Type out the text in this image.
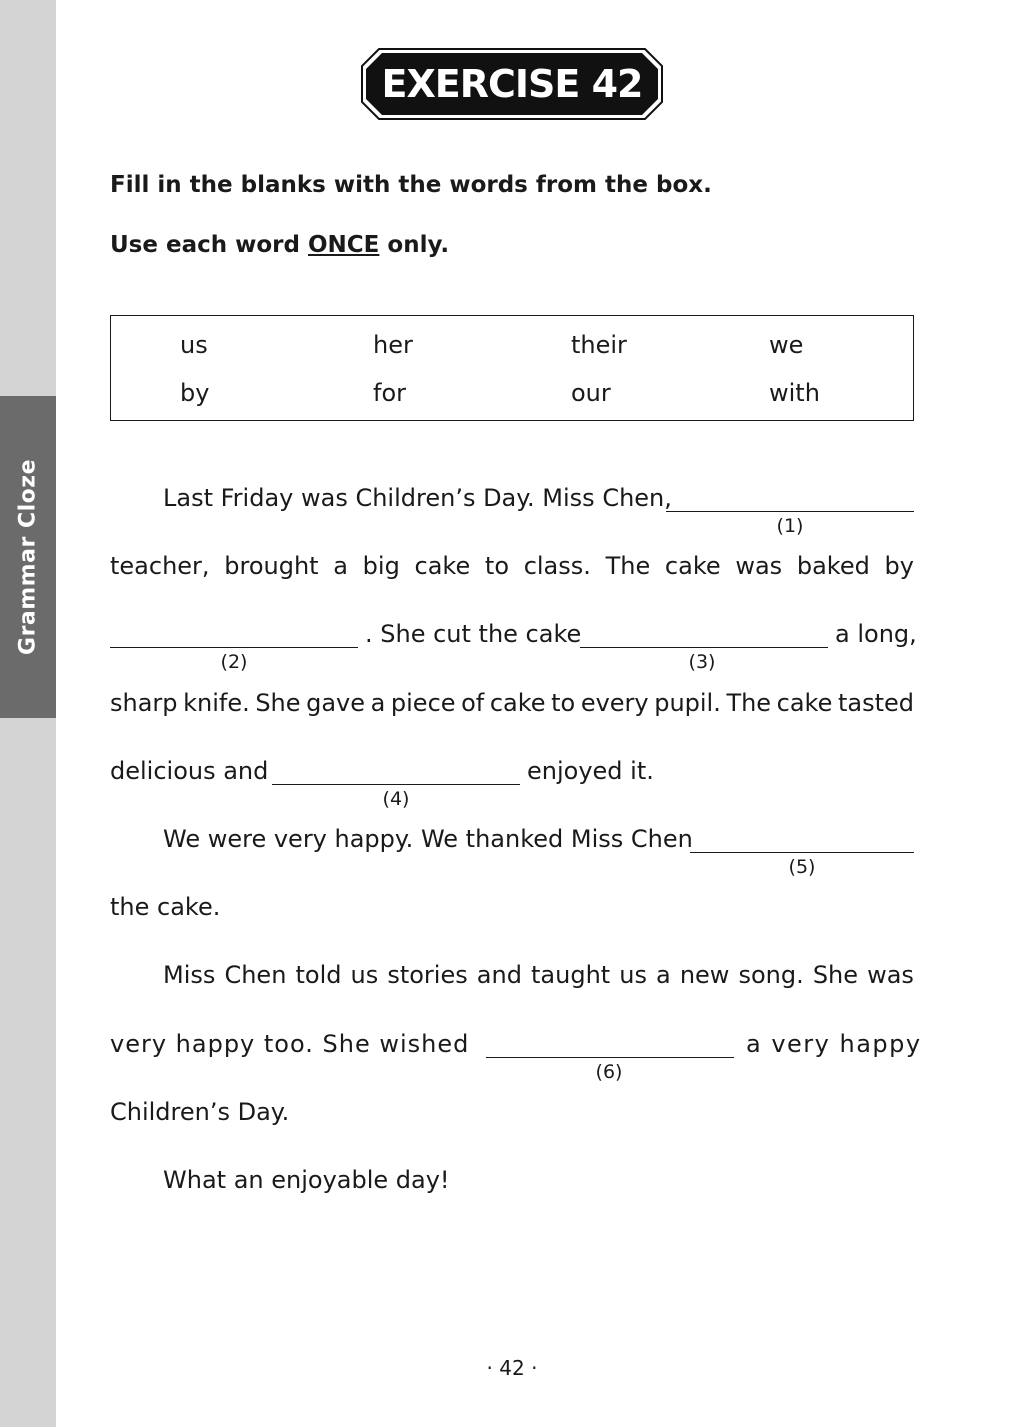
Grammar Cloze
EXERCISE 42
Fill in the blanks with the words from the box.
Use each word ONCE only.
us	her	their	we
by	for	our	with
Last Friday was Children’s Day. Miss Chen,
(1)
teacher, brought a big cake to class. The cake was baked by
(2)
. She cut the cake
(3)
a long,
sharp knife. She gave a piece of cake to every pupil. The cake tasted
delicious and
(4)
enjoyed it.
We were very happy. We thanked Miss Chen
(5)
the cake.
Miss Chen told us stories and taught us a new song. She was
very happy too. She wished
(6)
a very happy
Children’s Day.
What an enjoyable day!
· 42 ·
